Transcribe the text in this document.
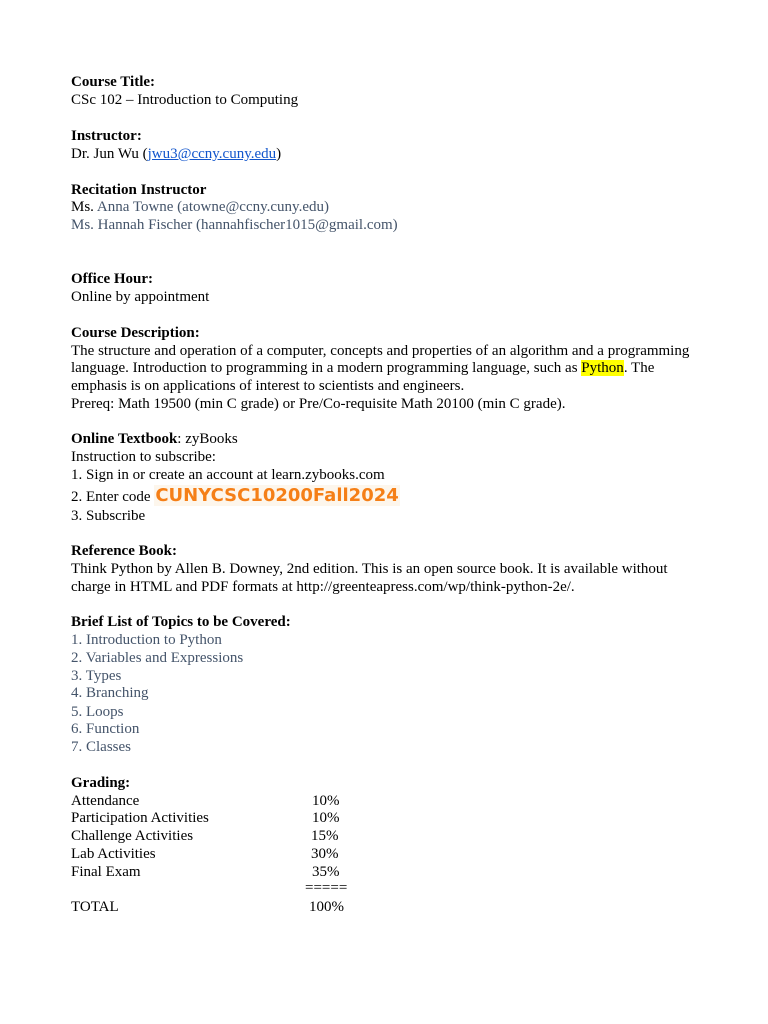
Course Title:
CSc 102 – Introduction to Computing
Instructor:
Dr. Jun Wu (jwu3@ccny.cuny.edu)
Recitation Instructor
Ms. Anna Towne (atowne@ccny.cuny.edu)
Ms. Hannah Fischer (hannahfischer1015@gmail.com)
Office Hour:
Online by appointment
Course Description:
The structure and operation of a computer, concepts and properties of an algorithm and a programming
language. Introduction to programming in a modern programming language, such as Python. The
emphasis is on applications of interest to scientists and engineers.
Prereq: Math 19500 (min C grade) or Pre/Co-requisite Math 20100 (min C grade).
Online Textbook: zyBooks
Instruction to subscribe:
1. Sign in or create an account at learn.zybooks.com
2. Enter code CUNYCSC10200Fall2024
3. Subscribe
Reference Book:
Think Python by Allen B. Downey, 2nd edition. This is an open source book. It is available without
charge in HTML and PDF formats at http://greenteapress.com/wp/think-python-2e/.
Brief List of Topics to be Covered:
1. Introduction to Python
2. Variables and Expressions
3. Types
4. Branching
5. Loops
6. Function
7. Classes
Grading:
Attendance	10%
Participation Activities	10%
Challenge Activities	15%
Lab Activities	30%
Final Exam	35%
=====
TOTAL	100%
